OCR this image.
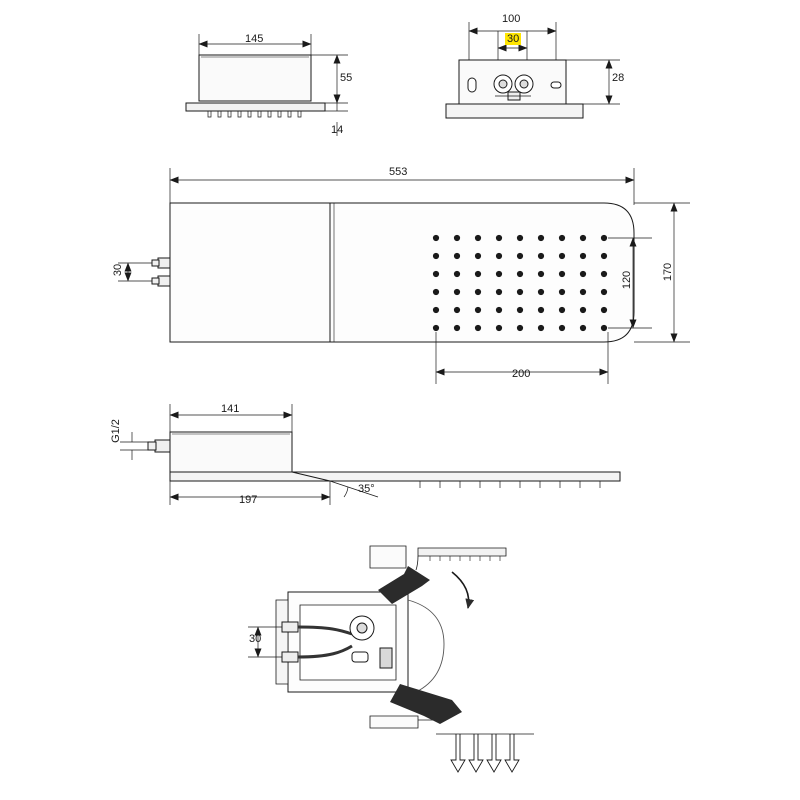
145
55
14
100
30
28
553
30
120	170
200
141
G1/2
197
35°
30
